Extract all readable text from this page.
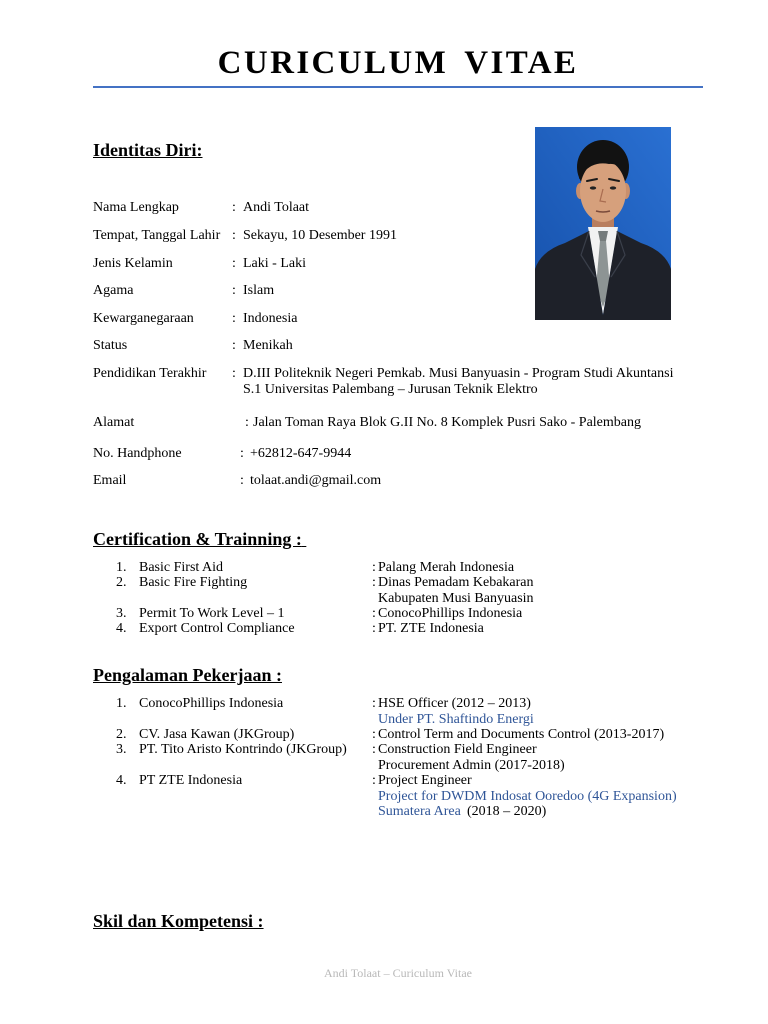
CURICULUM VITAE
Identitas Diri:
Nama Lengkap	: Andi Tolaat
Tempat, Tanggal Lahir : Sekayu, 10 Desember 1991
Jenis Kelamin	: Laki - Laki
Agama	: Islam
Kewarganegaraan	: Indonesia
Status	: Menikah
Pendidikan Terakhir : D.III Politeknik Negeri Pemkab. Musi Banyuasin - Program Studi Akuntansi
S.1 Universitas Palembang – Jurusan Teknik Elektro
Alamat	: Jalan Toman Raya Blok G.II No. 8 Komplek Pusri Sako - Palembang
No. Handphone	: +62812-647-9944
Email	: tolaat.andi@gmail.com
Certification & Trainning :
1. Basic First Aid	: Palang Merah Indonesia
2. Basic Fire Fighting	: Dinas Pemadam Kebakaran
Kabupaten Musi Banyuasin
3. Permit To Work Level – 1	: ConocoPhillips Indonesia
4. Export Control Compliance	: PT. ZTE Indonesia
Pengalaman Pekerjaan :
1. ConocoPhillips Indonesia	: HSE Officer (2012 – 2013)
Under PT. Shaftindo Energi
2. CV. Jasa Kawan (JKGroup)	: Control Term and Documents Control (2013-2017)
3. PT. Tito Aristo Kontrindo (JKGroup) : Construction Field Engineer
Procurement Admin (2017-2018)
4. PT ZTE Indonesia	: Project Engineer
Project for DWDM Indosat Ooredoo (4G Expansion)
Sumatera Area (2018 – 2020)
Skil dan Kompetensi :
Andi Tolaat – Curiculum Vitae
